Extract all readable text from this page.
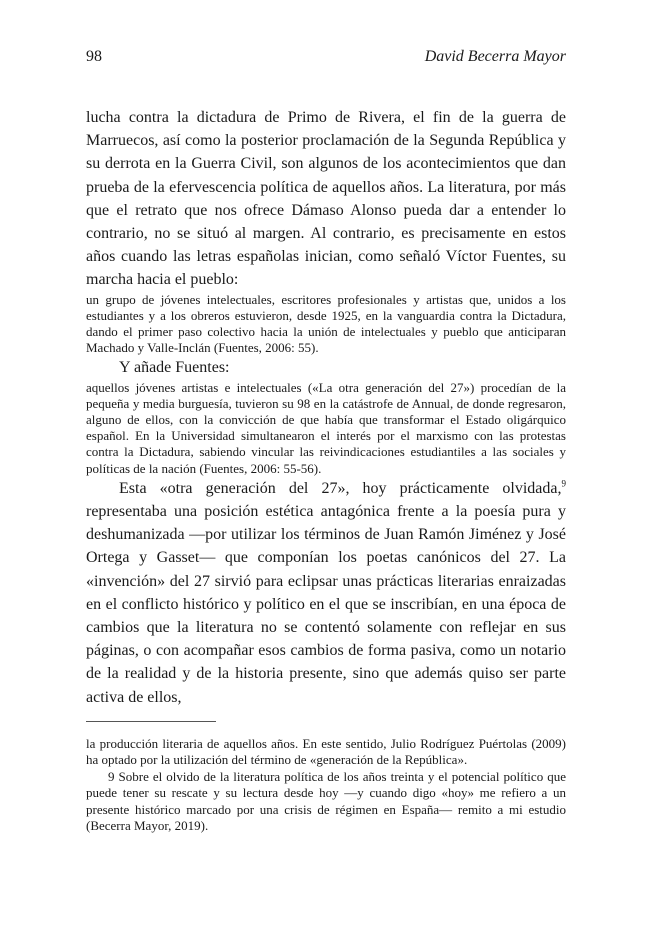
98	David Becerra Mayor

lucha contra la dictadura de Primo de Rivera, el fin de la guerra de Marruecos, así como la posterior proclamación de la Segunda República y su derrota en la Guerra Civil, son algunos de los acontecimientos que dan prueba de la efervescencia política de aquellos años. La literatura, por más que el retrato que nos ofrece Dámaso Alonso pueda dar a entender lo contrario, no se situó al margen. Al contrario, es precisamente en estos años cuando las letras españolas inician, como señaló Víctor Fuentes, su marcha hacia el pueblo:

un grupo de jóvenes intelectuales, escritores profesionales y artistas que, unidos a los estudiantes y a los obreros estuvieron, desde 1925, en la vanguardia contra la Dictadura, dando el primer paso colectivo hacia la unión de intelectuales y pueblo que anticiparan Machado y Valle-Inclán (Fuentes, 2006: 55).

Y añade Fuentes:

aquellos jóvenes artistas e intelectuales («La otra generación del 27») procedían de la pequeña y media burguesía, tuvieron su 98 en la catástrofe de Annual, de donde regresaron, alguno de ellos, con la convicción de que había que transformar el Estado oligárquico español. En la Universidad simultanearon el interés por el marxismo con las protestas contra la Dictadura, sabiendo vincular las reivindicaciones estudiantiles a las sociales y políticas de la nación (Fuentes, 2006: 55-56).

Esta «otra generación del 27», hoy prácticamente olvidada,$^9$ representaba una posición estética antagónica frente a la poesía pura y deshumanizada —por utilizar los términos de Juan Ramón Jiménez y José Ortega y Gasset— que componían los poetas canónicos del 27. La «invención» del 27 sirvió para eclipsar unas prácticas literarias enraizadas en el conflicto histórico y político en el que se inscribían, en una época de cambios que la literatura no se contentó solamente con reflejar en sus páginas, o con acompañar esos cambios de forma pasiva, como un notario de la realidad y de la historia presente, sino que además quiso ser parte activa de ellos,

la producción literaria de aquellos años. En este sentido, Julio Rodríguez Puértolas (2009) ha optado por la utilización del término de «generación de la República».

9 Sobre el olvido de la literatura política de los años treinta y el potencial político que puede tener su rescate y su lectura desde hoy —y cuando digo «hoy» me refiero a un presente histórico marcado por una crisis de régimen en España— remito a mi estudio (Becerra Mayor, 2019).
